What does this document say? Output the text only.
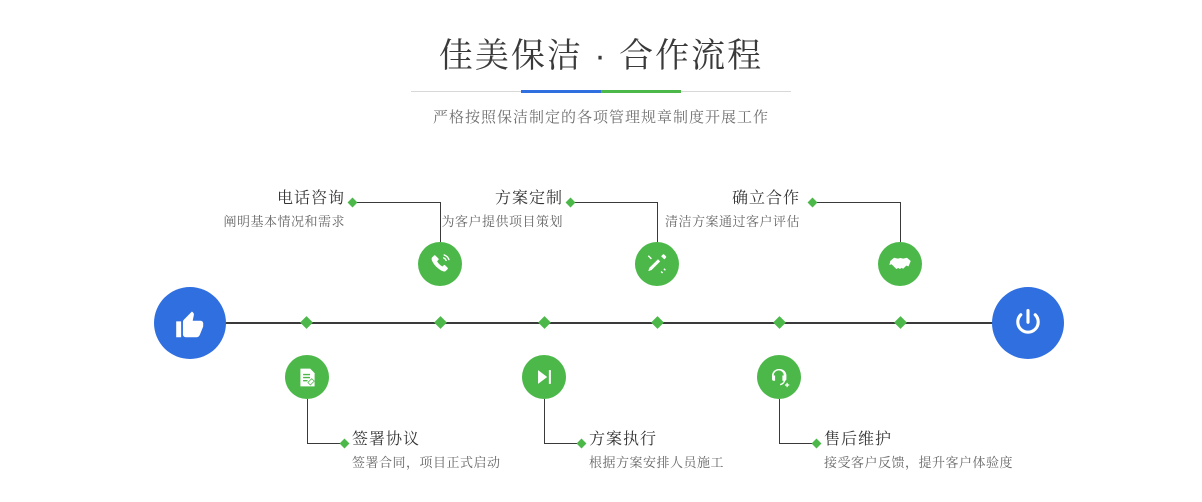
佳美保洁 · 合作流程

严格按照保洁制定的各项管理规章制度开展工作

电话咨询
阐明基本情况和需求
方案定制
为客户提供项目策划
确立合作
清洁方案通过客户评估
签署协议
签署合同，项目正式启动
方案执行
根据方案安排人员施工
售后维护
接受客户反馈，提升客户体验度
